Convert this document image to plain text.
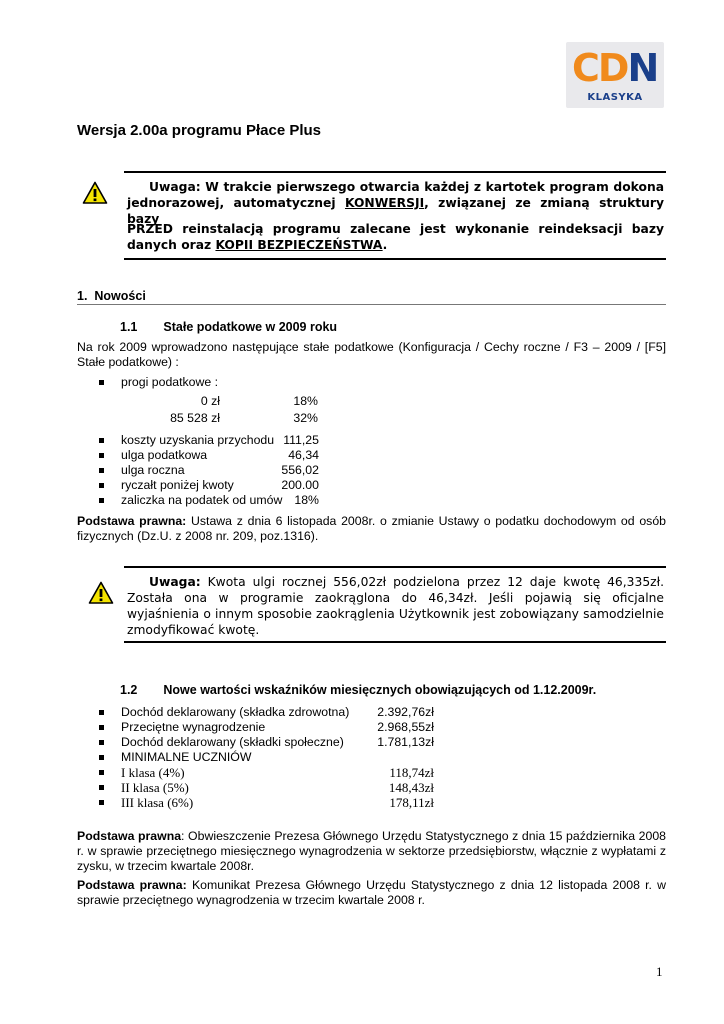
CDN
KLASYKA
Wersja 2.00a programu Płace Plus
Uwaga: W trakcie pierwszego otwarcia każdej z kartotek program dokona jednorazowej, automatycznej KONWERSJI, związanej ze zmianą struktury bazy
PRZED reinstalacją programu zalecane jest wykonanie reindeksacji bazy danych oraz KOPII BEZPIECZEŃSTWA.
1. Nowości
1.1 Stałe podatkowe w 2009 roku
Na rok 2009 wprowadzono następujące stałe podatkowe (Konfiguracja / Cechy roczne / F3 – 2009 / [F5] Stałe podatkowe) :
progi podatkowe :
0 zł	18%
85 528 zł	32%
koszty uzyskania przychodu 111,25
ulga podatkowa	46,34
ulga roczna	556,02
ryczałt poniżej kwoty	200.00
zaliczka na podatek od umów 18%
Podstawa prawna: Ustawa z dnia 6 listopada 2008r. o zmianie Ustawy o podatku dochodowym od osób fizycznych (Dz.U. z 2008 nr. 209, poz.1316).
Uwaga: Kwota ulgi rocznej 556,02zł podzielona przez 12 daje kwotę 46,335zł. Została ona w programie zaokrąglona do 46,34zł. Jeśli pojawią się oficjalne wyjaśnienia o innym sposobie zaokrąglenia Użytkownik jest zobowiązany samodzielnie zmodyfikować kwotę.
1.2 Nowe wartości wskaźników miesięcznych obowiązujących od 1.12.2009r.
Dochód deklarowany (składka zdrowotna) 2.392,76zł
Przeciętne wynagrodzenie	2.968,55zł
Dochód deklarowany (składki społeczne)	1.781,13zł
MINIMALNE UCZNIÓW
I klasa (4%)	118,74zł
II klasa (5%)	148,43zł
III klasa (6%)	178,11zł
Podstawa prawna: Obwieszczenie Prezesa Głównego Urzędu Statystycznego z dnia 15 października 2008 r. w sprawie przeciętnego miesięcznego wynagrodzenia w sektorze przedsiębiorstw, włącznie z wypłatami z zysku, w trzecim kwartale 2008r.
Podstawa prawna: Komunikat Prezesa Głównego Urzędu Statystycznego z dnia 12 listopada 2008 r. w sprawie przeciętnego wynagrodzenia w trzecim kwartale 2008 r.
1
